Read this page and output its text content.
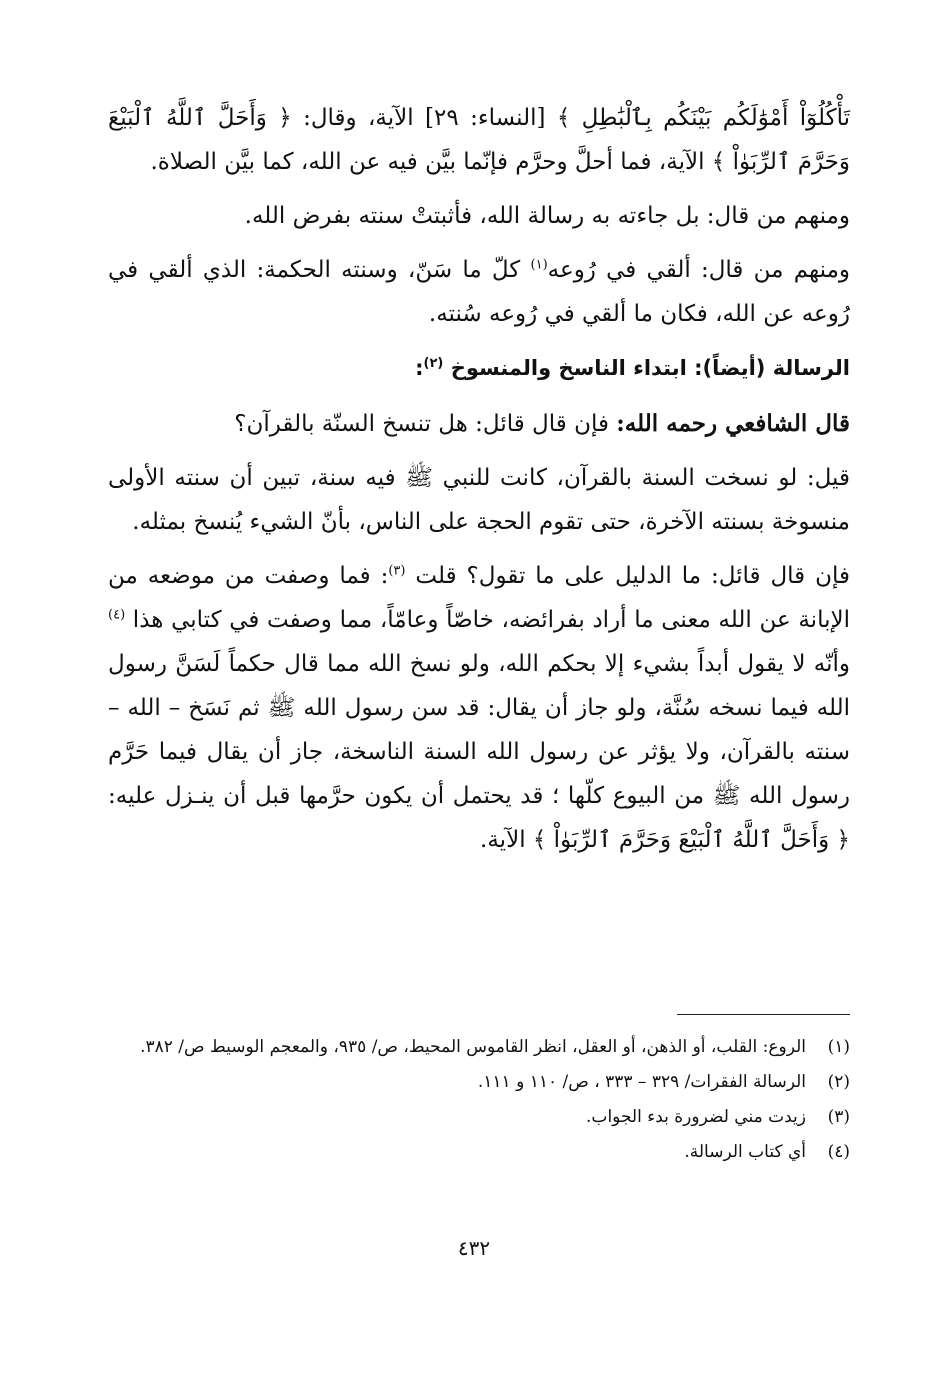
تَأْكُلُوٓاْ أَمْوَٰلَكُم بَيْنَكُم بِٱلْبَٰطِلِ ﴾ [النساء: ٢٩] الآية، وقال: ﴿ وَأَحَلَّ ٱللَّهُ ٱلْبَيْعَ وَحَرَّمَ ٱلرِّبَوٰاْ ﴾ الآية، فما أحلَّ وحرَّم فإنّما بيَّن فيه عن الله، كما بيَّن الصلاة.

ومنهم من قال: بل جاءته به رسالة الله، فأثبتتْ سنته بفرض الله.

ومنهم من قال: ألقي في رُوعه$^{(١)}$ كلّ ما سَنّ، وسنته الحكمة: الذي ألقي في رُوعه عن الله، فكان ما ألقي في رُوعه سُنته.

الرسالة (أيضاً): ابتداء الناسخ والمنسوخ $^{(٢)}$:

قال الشافعي رحمه الله: فإن قال قائل: هل تنسخ السنّة بالقرآن؟

قيل: لو نسخت السنة بالقرآن، كانت للنبي ﷺ فيه سنة، تبين أن سنته الأولى منسوخة بسنته الآخرة، حتى تقوم الحجة على الناس، بأنّ الشيء يُنسخ بمثله.

فإن قال قائل: ما الدليل على ما تقول؟ قلت $^{(٣)}$: فما وصفت من موضعه من الإبانة عن الله معنى ما أراد بفرائضه، خاصّاً وعامّاً، مما وصفت في كتابي هذا $^{(٤)}$ وأنّه لا يقول أبداً بشيء إلا بحكم الله، ولو نسخ الله مما قال حكماً لَسَنَّ رسول الله فيما نسخه سُنَّة، ولو جاز أن يقال: قد سن رسول الله ﷺ ثم نَسَخ – الله – سنته بالقرآن، ولا يؤثر عن رسول الله السنة الناسخة، جاز أن يقال فيما حَرَّم رسول الله ﷺ من البيوع كلّها ؛ قد يحتمل أن يكون حرَّمها قبل أن ينـزل عليه: ﴿ وَأَحَلَّ ٱللَّهُ ٱلْبَيْعَ وَحَرَّمَ ٱلرِّبَوٰاْ ﴾ الآية.

(١)
الروع: القلب، أو الذهن، أو العقل، انظر القاموس المحيط، ص/ ٩٣٥، والمعجم الوسيط ص/ ٣٨٢.
(٢)
الرسالة الفقرات/ ٣٢٩ – ٣٣٣ ، ص/ ١١٠ و ١١١.
(٣)
زيدت مني لضرورة بدء الجواب.
(٤)
أي كتاب الرسالة.
٤٣٢
